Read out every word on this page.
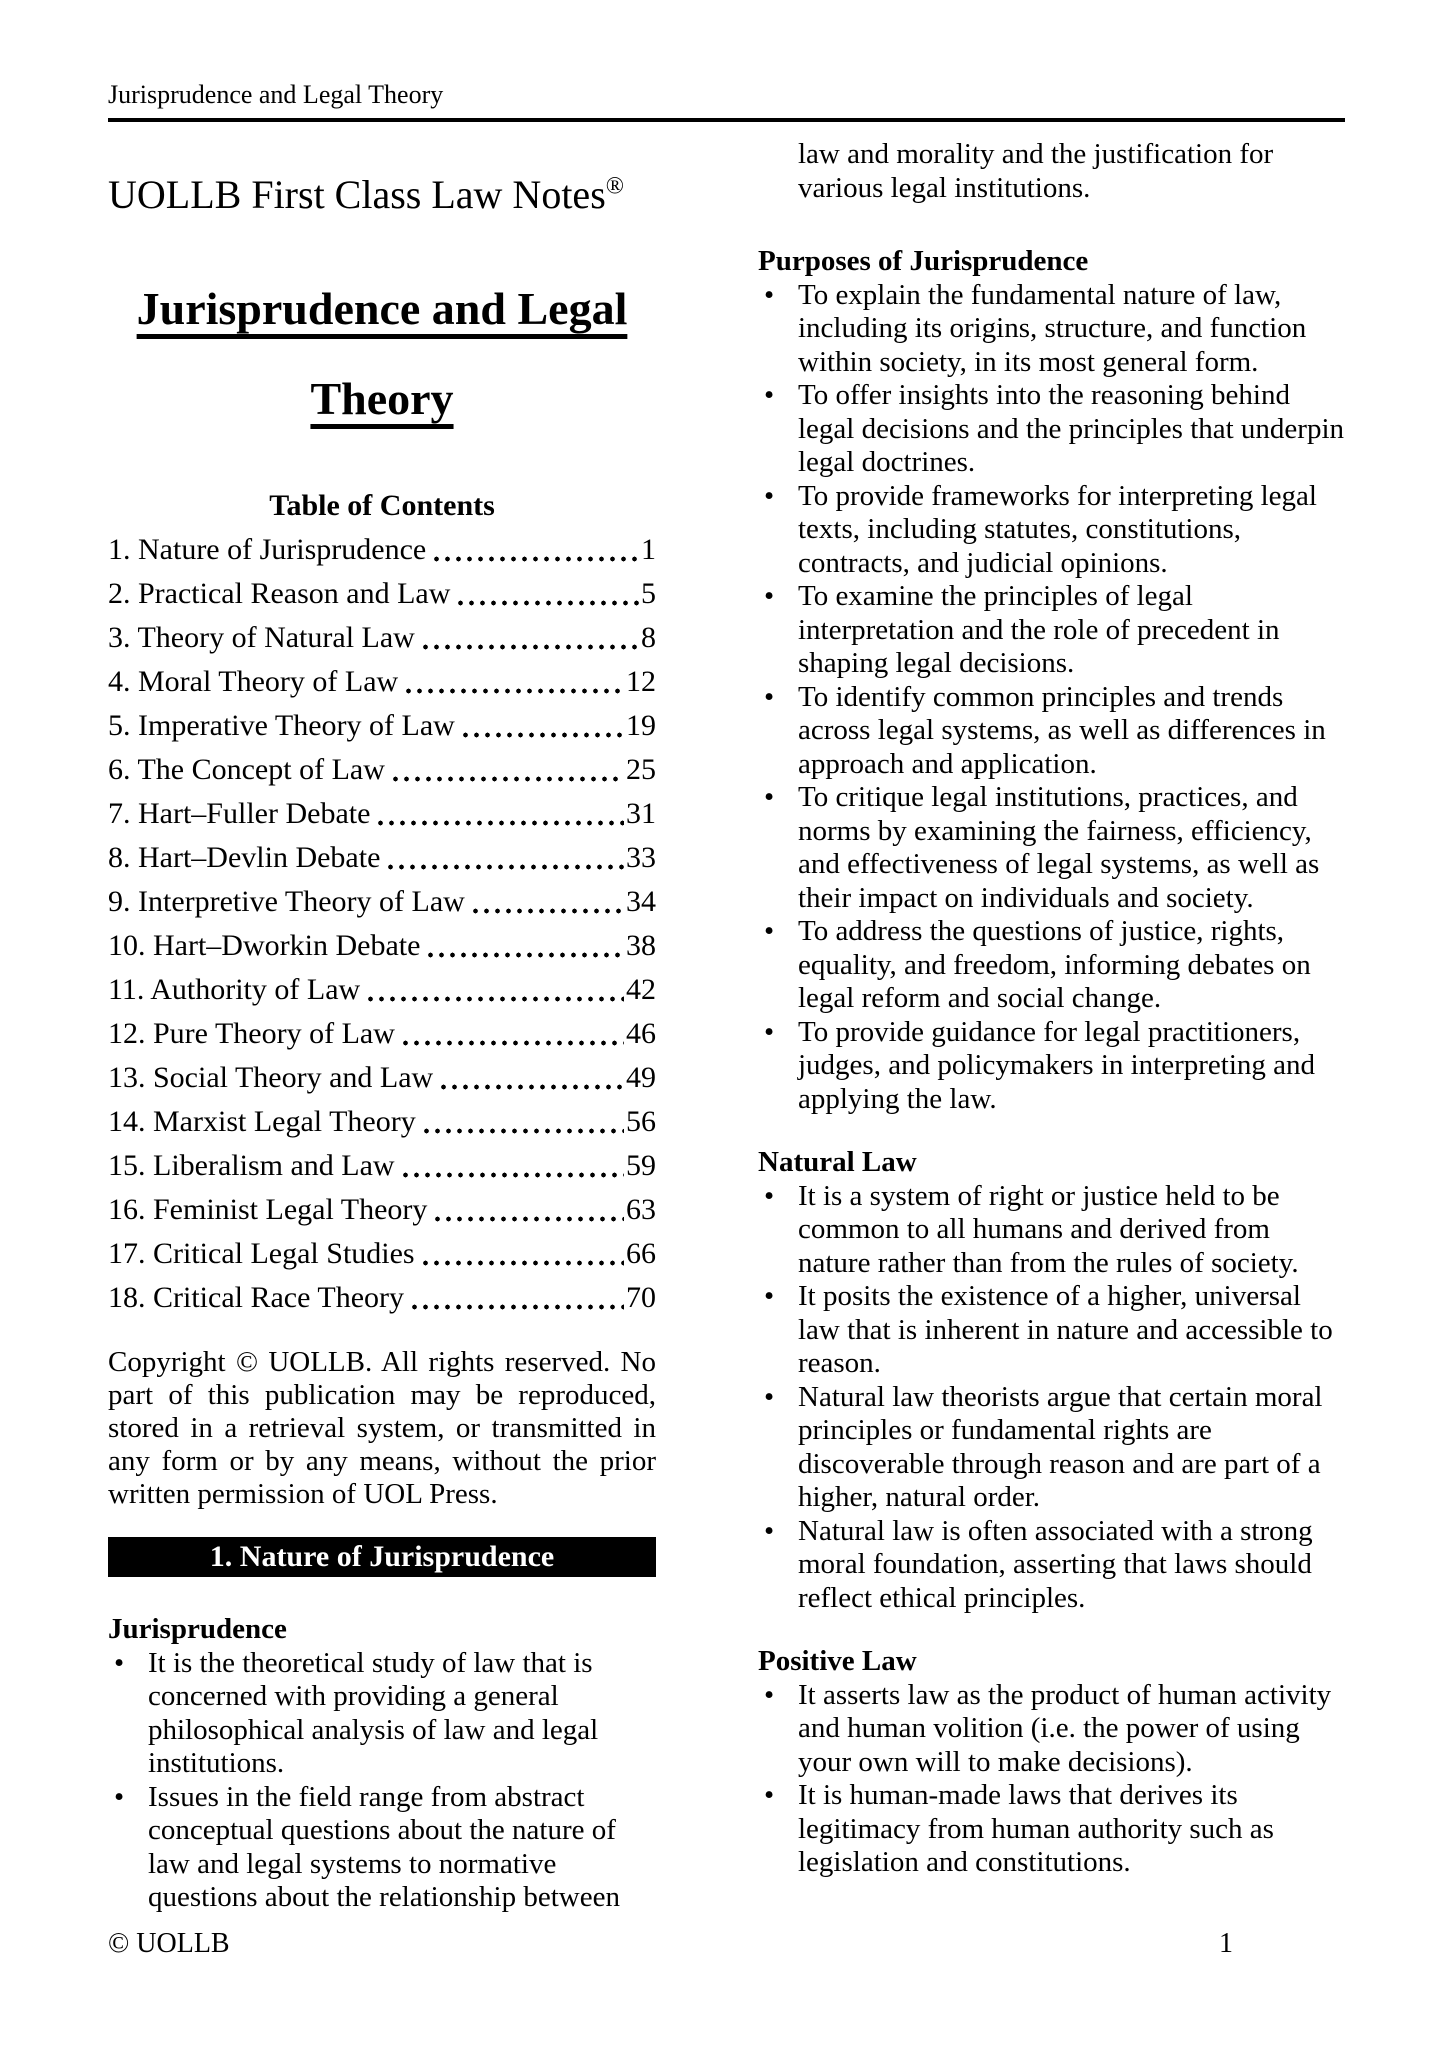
Jurisprudence and Legal Theory
UOLLB First Class Law Notes®
Jurisprudence and Legal
Theory
Table of Contents
1. Nature of Jurisprudence	1
2. Practical Reason and Law	5
3. Theory of Natural Law	8
4. Moral Theory of Law	12
5. Imperative Theory of Law	19
6. The Concept of Law	25
7. Hart–Fuller Debate	31
8. Hart–Devlin Debate	33
9. Interpretive Theory of Law	34
10. Hart–Dworkin Debate	38
11. Authority of Law	42
12. Pure Theory of Law	46
13. Social Theory and Law	49
14. Marxist Legal Theory	56
15. Liberalism and Law	59
16. Feminist Legal Theory	63
17. Critical Legal Studies	66
18. Critical Race Theory	70

Copyright © UOLLB. All rights reserved. No part of this publication may be reproduced, stored in a retrieval system, or transmitted in any form or by any means, without the prior written permission of UOL Press.

1. Nature of Jurisprudence
Jurisprudence
• It is the theoretical study of law that is concerned with providing a general philosophical analysis of law and legal institutions.
• Issues in the field range from abstract conceptual questions about the nature of law and legal systems to normative questions about the relationship between

law and morality and the justification for various legal institutions.

Purposes of Jurisprudence
• To explain the fundamental nature of law, including its origins, structure, and function within society, in its most general form.
• To offer insights into the reasoning behind legal decisions and the principles that underpin legal doctrines.
• To provide frameworks for interpreting legal texts, including statutes, constitutions, contracts, and judicial opinions.
• To examine the principles of legal interpretation and the role of precedent in shaping legal decisions.
• To identify common principles and trends across legal systems, as well as differences in approach and application.
• To critique legal institutions, practices, and norms by examining the fairness, efficiency, and effectiveness of legal systems, as well as their impact on individuals and society.
• To address the questions of justice, rights, equality, and freedom, informing debates on legal reform and social change.
• To provide guidance for legal practitioners, judges, and policymakers in interpreting and applying the law.
Natural Law
• It is a system of right or justice held to be common to all humans and derived from nature rather than from the rules of society.
• It posits the existence of a higher, universal law that is inherent in nature and accessible to reason.
• Natural law theorists argue that certain moral principles or fundamental rights are discoverable through reason and are part of a higher, natural order.
• Natural law is often associated with a strong moral foundation, asserting that laws should reflect ethical principles.
Positive Law
• It asserts law as the product of human activity and human volition (i.e. the power of using your own will to make decisions).
• It is human-made laws that derives its legitimacy from human authority such as legislation and constitutions.
© UOLLB	1
